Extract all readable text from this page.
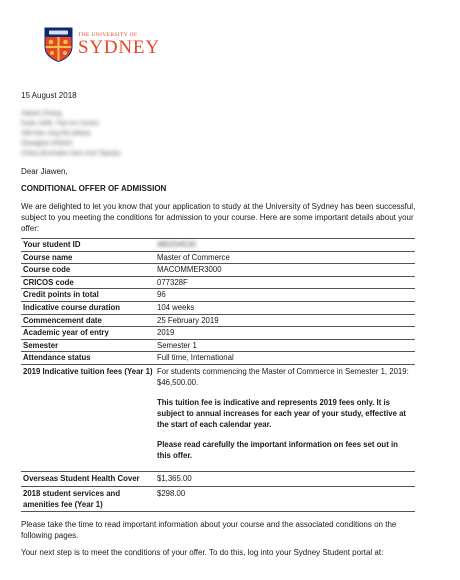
THE UNIVERSITY OF
SYDNEY
15 August 2018
Jiawen Zhang
Suite 1406, Tian An Centre
338 Nan Jing Rd (West)
Shanghai 200003
China (Excludes Sars And Taiwan)
Dear Jiawen,
CONDITIONAL OFFER OF ADMISSION
We are delighted to let you know that your application to study at the University of Sydney has been successful, subject to you meeting the conditions for admission to your course. Here are some important details about your offer:
Your student ID	480204530
Course name	Master of Commerce
Course code	MACOMMER3000
CRICOS code	077328F
Credit points in total	96
Indicative course duration	104 weeks
Commencement date	25 February 2019
Academic year of entry	2019
Semester	Semester 1
Attendance status	Full time, International
2019 Indicative tuition fees (Year 1)	For students commencing the Master of Commerce in Semester 1, 2019: $46,500.00.

This tuition fee is indicative and represents 2019 fees only. It is subject to annual increases for each year of your study, effective at the start of each calendar year.

Please read carefully the important information on fees set out in this offer.

Overseas Student Health Cover	$1,365.00
2018 student services and amenities fee (Year 1)	$298.00
Please take the time to read important information about your course and the associated conditions on the following pages.
Your next step is to meet the conditions of your offer. To do this, log into your Sydney Student portal at:
